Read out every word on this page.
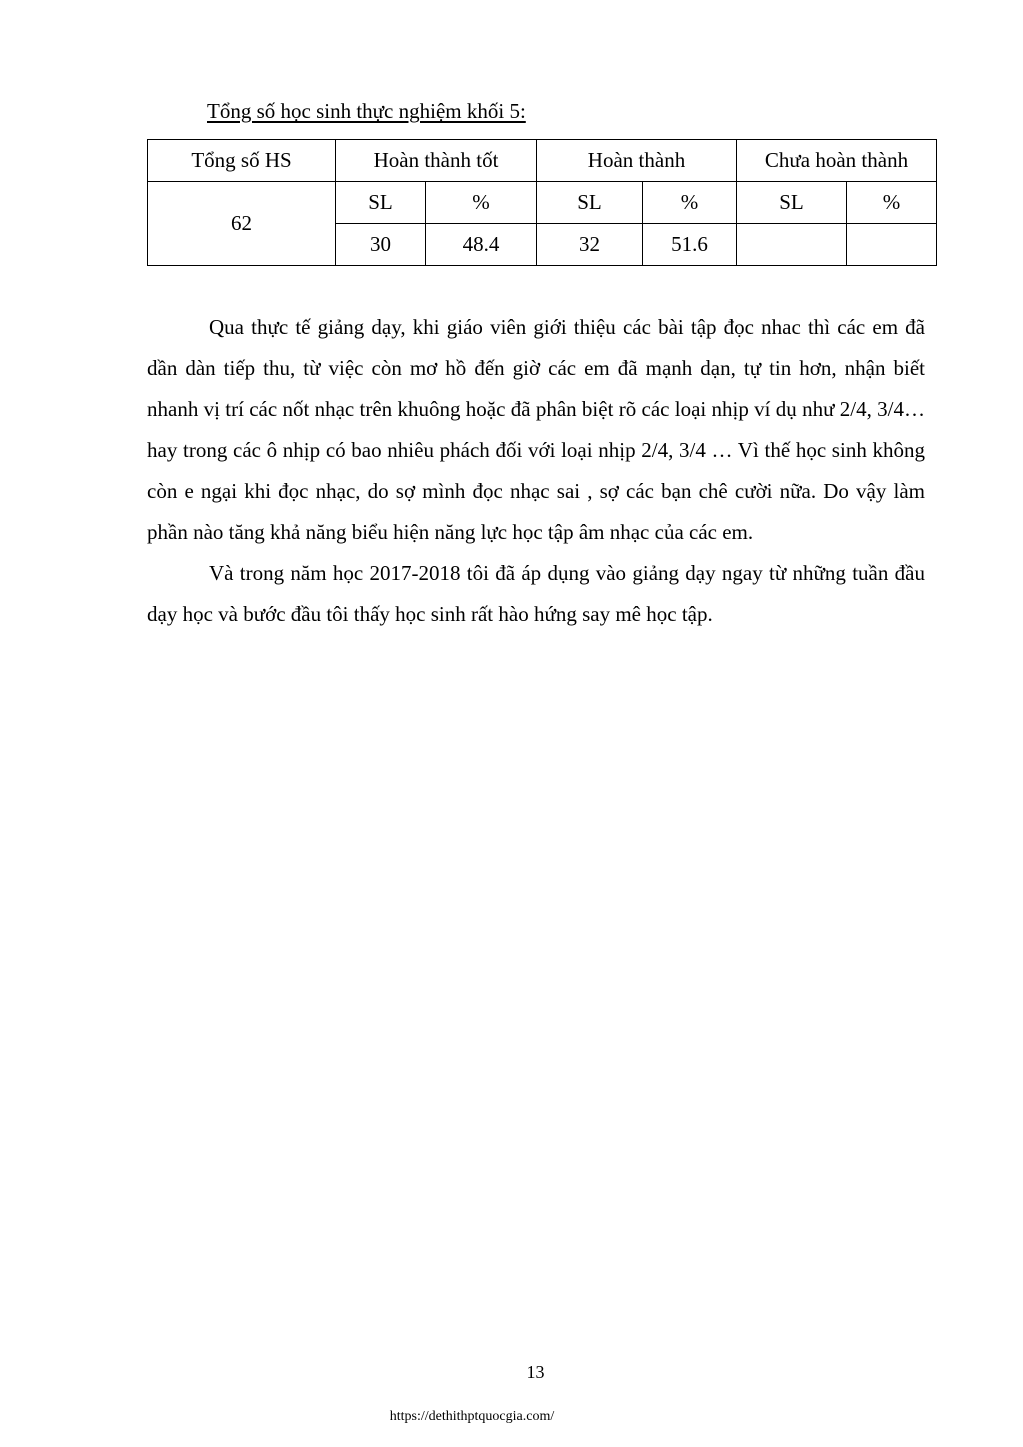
Tổng số học sinh thực nghiệm khối 5:
Tổng số HS	Hoàn thành tốt		Hoàn thành		Chưa hoàn thành	
62	SL	%	SL	%	SL	%
	30	48.4	32	51.6		

Qua thực tế giảng dạy, khi giáo viên giới thiệu các bài tập đọc nhac thì các em đã dần dàn tiếp thu, từ việc còn mơ hồ đến giờ các em đã mạnh dạn, tự tin hơn, nhận biết nhanh vị trí các nốt nhạc trên khuông hoặc đã phân biệt rõ các loại nhịp ví dụ như 2/4, 3/4… hay trong các ô nhịp có bao nhiêu phách đối với loại nhịp 2/4, 3/4 … Vì thế học sinh không còn e ngại khi đọc nhạc, do sợ mình đọc nhạc sai , sợ các bạn chê cười nữa. Do vậy làm phần nào tăng khả năng biểu hiện năng lực học tập âm nhạc của các em.

Và trong năm học 2017-2018 tôi đã áp dụng vào giảng dạy ngay từ những tuần đầu dạy học và bước đầu tôi thấy học sinh rất hào hứng say mê học tập.

13
https://dethithptquocgia.com/
